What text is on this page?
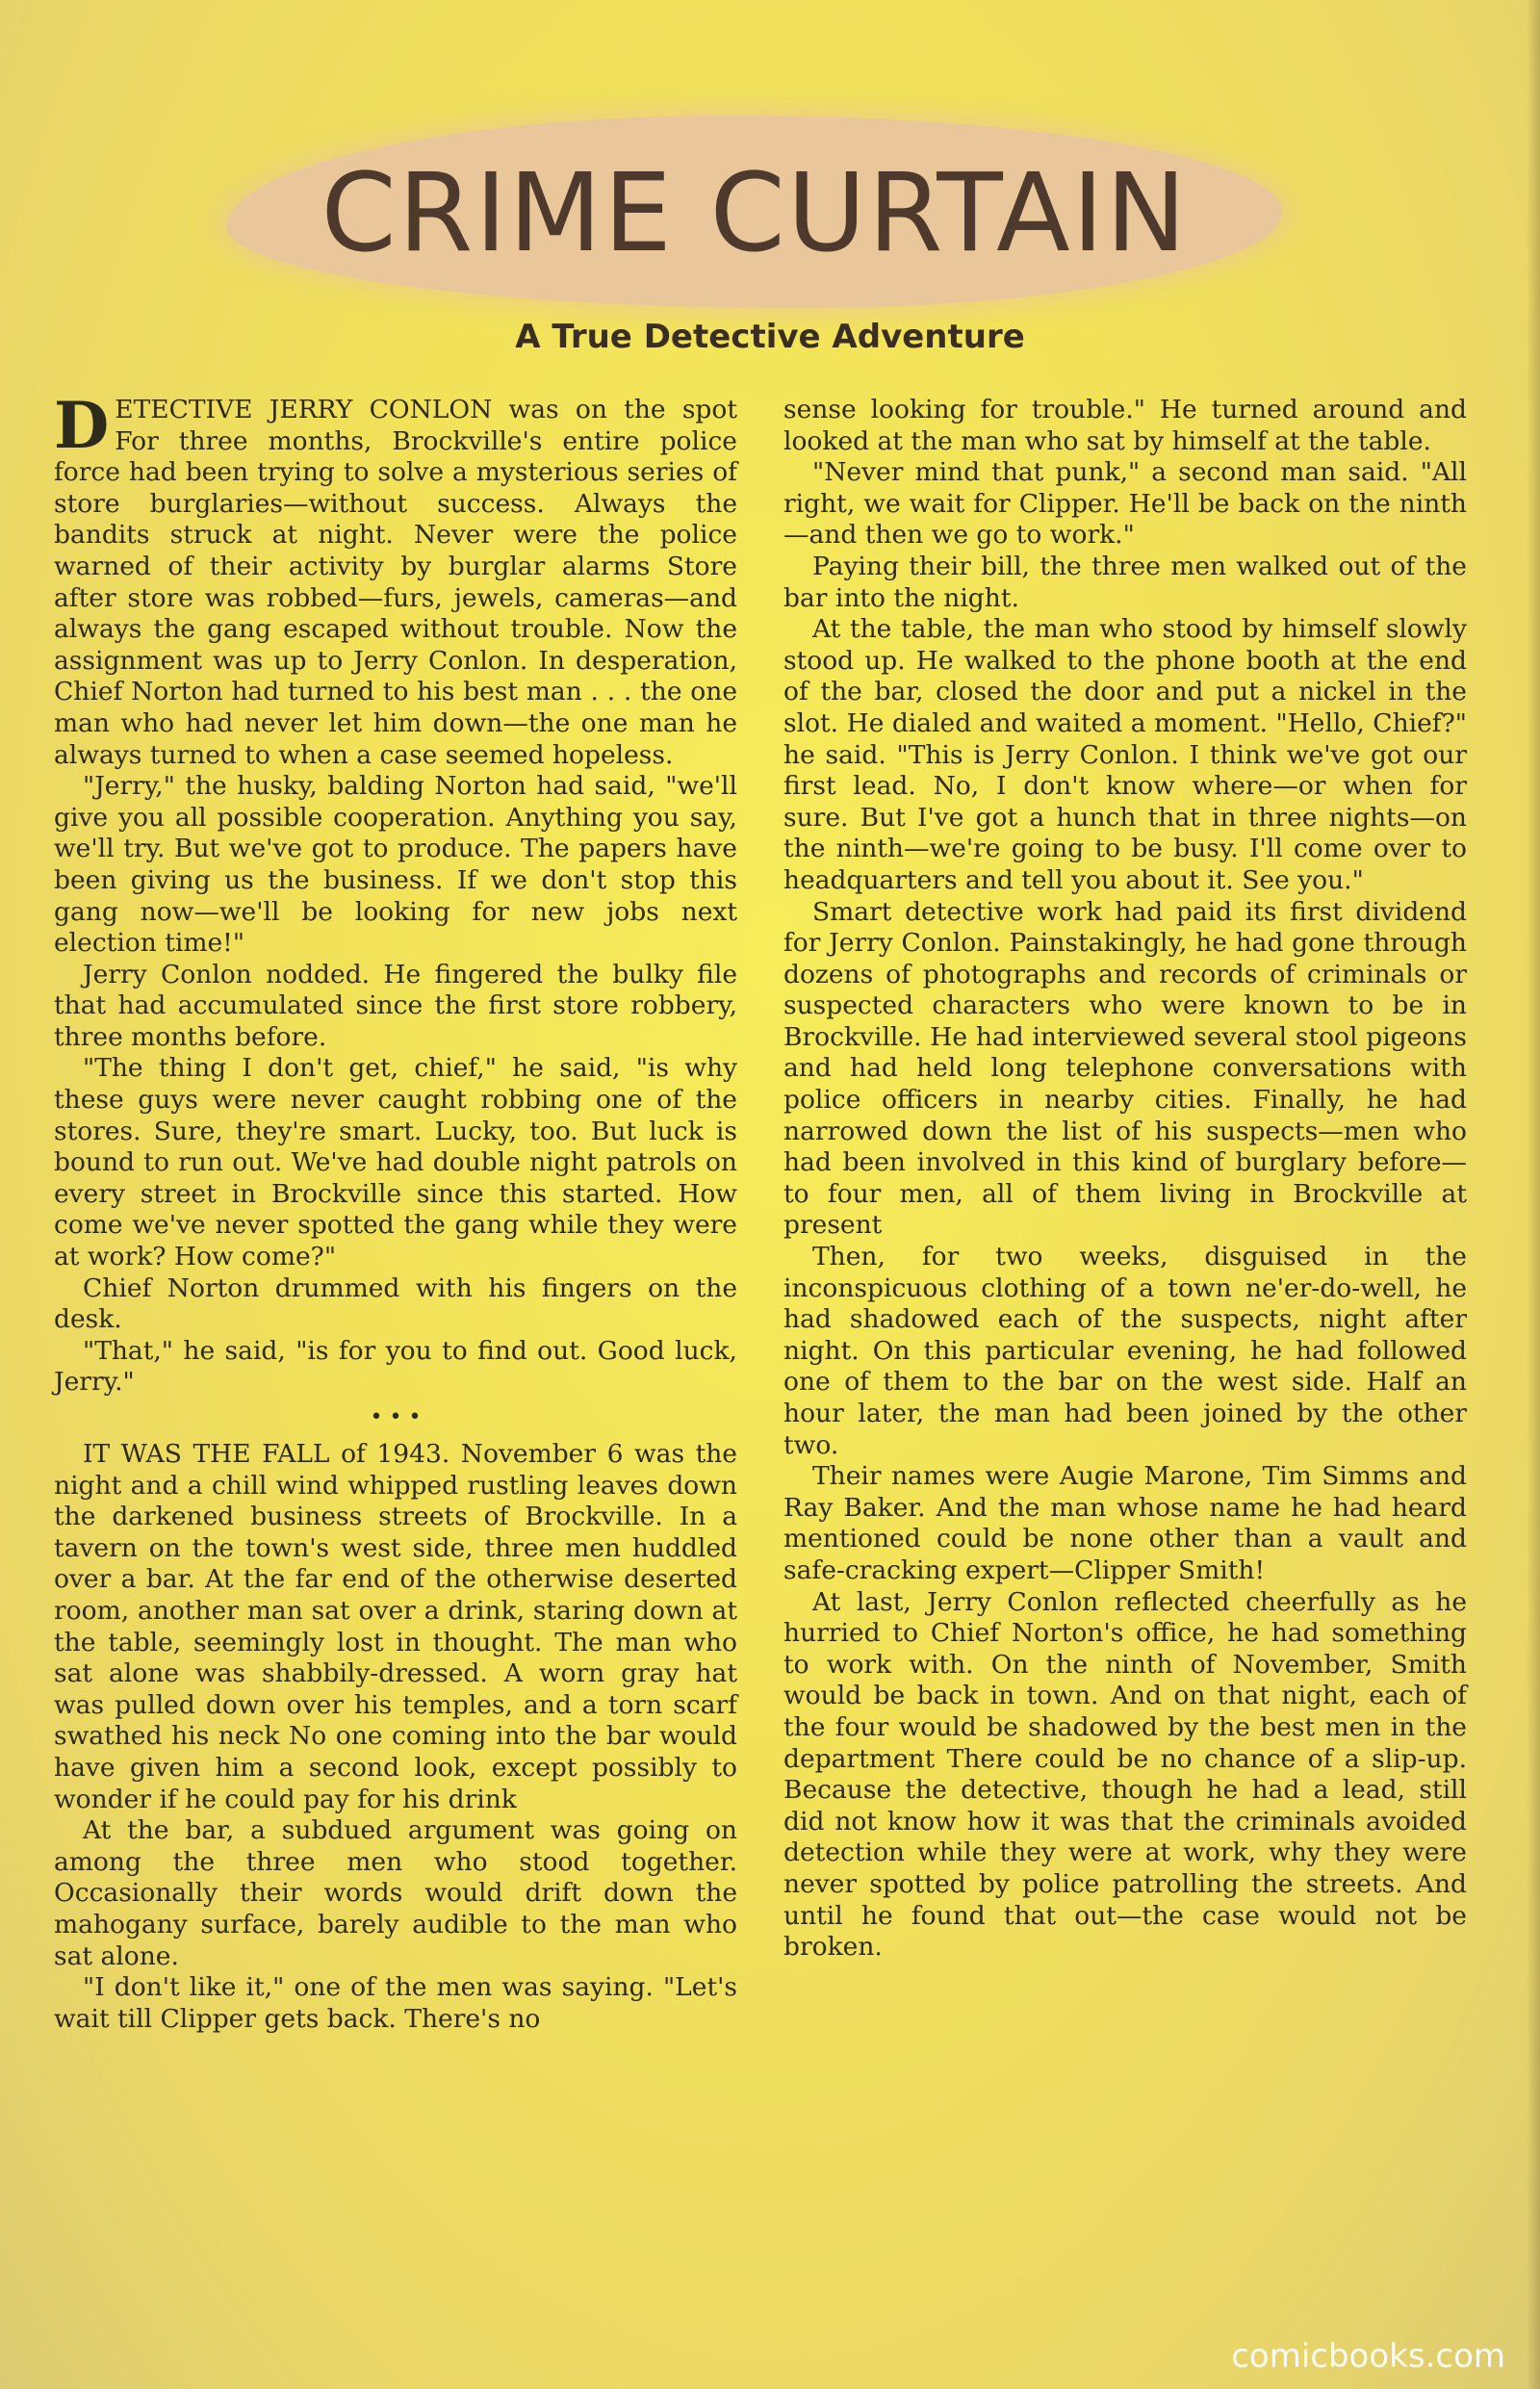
CRIME CURTAIN
A True Detective Adventure

DETECTIVE JERRY CONLON was on the spot For three months, Brockville's entire police force had been trying to solve a mysterious series of store burglaries—without success. Always the bandits struck at night. Never were the police warned of their activity by burglar alarms Store after store was robbed—furs, jewels, cameras—and always the gang escaped without trouble. Now the assignment was up to Jerry Conlon. In desperation, Chief Norton had turned to his best man . . . the one man who had never let him down—the one man he always turned to when a case seemed hopeless.

"Jerry," the husky, balding Norton had said, "we'll give you all possible cooperation. Anything you say, we'll try. But we've got to produce. The papers have been giving us the business. If we don't stop this gang now—we'll be looking for new jobs next election time!"

Jerry Conlon nodded. He fingered the bulky file that had accumulated since the first store robbery, three months before.

"The thing I don't get, chief," he said, "is why these guys were never caught robbing one of the stores. Sure, they're smart. Lucky, too. But luck is bound to run out. We've had double night patrols on every street in Brockville since this started. How come we've never spotted the gang while they were at work? How come?"

Chief Norton drummed with his fingers on the desk.

"That," he said, "is for you to find out. Good luck, Jerry."

• • •

IT WAS THE FALL of 1943. November 6 was the night and a chill wind whipped rustling leaves down the darkened business streets of Brockville. In a tavern on the town's west side, three men huddled over a bar. At the far end of the otherwise deserted room, another man sat over a drink, staring down at the table, seemingly lost in thought. The man who sat alone was shabbily-dressed. A worn gray hat was pulled down over his temples, and a torn scarf swathed his neck No one coming into the bar would have given him a second look, except possibly to wonder if he could pay for his drink

At the bar, a subdued argument was going on among the three men who stood together. Occasionally their words would drift down the mahogany surface, barely audible to the man who sat alone.

"I don't like it," one of the men was saying. "Let's wait till Clipper gets back. There's no

sense looking for trouble." He turned around and looked at the man who sat by himself at the table.

"Never mind that punk," a second man said. "All right, we wait for Clipper. He'll be back on the ninth—and then we go to work."

Paying their bill, the three men walked out of the bar into the night.

At the table, the man who stood by himself slowly stood up. He walked to the phone booth at the end of the bar, closed the door and put a nickel in the slot. He dialed and waited a moment. "Hello, Chief?" he said. "This is Jerry Conlon. I think we've got our first lead. No, I don't know where—or when for sure. But I've got a hunch that in three nights—on the ninth—we're going to be busy. I'll come over to headquarters and tell you about it. See you."

Smart detective work had paid its first dividend for Jerry Conlon. Painstakingly, he had gone through dozens of photographs and records of criminals or suspected characters who were known to be in Brockville. He had interviewed several stool pigeons and had held long telephone conversations with police officers in nearby cities. Finally, he had narrowed down the list of his suspects—men who had been involved in this kind of burglary before—to four men, all of them living in Brockville at present

Then, for two weeks, disguised in the inconspicuous clothing of a town ne'er-do-well, he had shadowed each of the suspects, night after night. On this particular evening, he had followed one of them to the bar on the west side. Half an hour later, the man had been joined by the other two.

Their names were Augie Marone, Tim Simms and Ray Baker. And the man whose name he had heard mentioned could be none other than a vault and safe-cracking expert—Clipper Smith!

At last, Jerry Conlon reflected cheerfully as he hurried to Chief Norton's office, he had something to work with. On the ninth of November, Smith would be back in town. And on that night, each of the four would be shadowed by the best men in the department There could be no chance of a slip-up. Because the detective, though he had a lead, still did not know how it was that the criminals avoided detection while they were at work, why they were never spotted by police patrolling the streets. And until he found that out—the case would not be broken.

comicbooks.com
